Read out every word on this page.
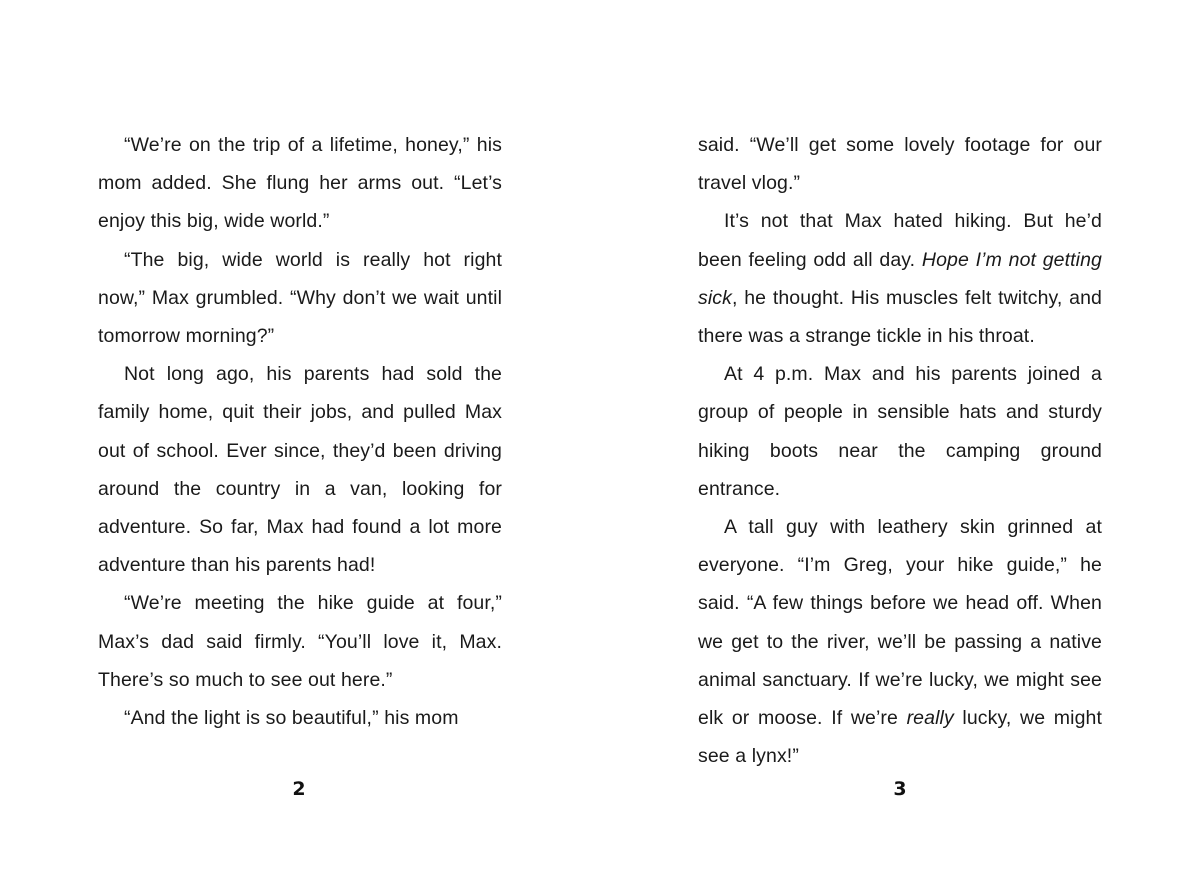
“We’re on the trip of a lifetime, honey,” his mom added. She flung her arms out. “Let’s enjoy this big, wide world.”

“The big, wide world is really hot right now,” Max grumbled. “Why don’t we wait until tomorrow morning?”

Not long ago, his parents had sold the family home, quit their jobs, and pulled Max out of school. Ever since, they’d been driving around the country in a van, looking for adventure. So far, Max had found a lot more adventure than his parents had!

“We’re meeting the hike guide at four,” Max’s dad said firmly. “You’ll love it, Max. There’s so much to see out here.”

“And the light is so beautiful,” his mom

2

said. “We’ll get some lovely footage for our travel vlog.”

It’s not that Max hated hiking. But he’d been feeling odd all day. Hope I’m not getting sick, he thought. His muscles felt twitchy, and there was a strange tickle in his throat.

At 4 p.m. Max and his parents joined a group of people in sensible hats and sturdy hiking boots near the camping ground entrance.

A tall guy with leathery skin grinned at everyone. “I’m Greg, your hike guide,” he said. “A few things before we head off. When we get to the river, we’ll be passing a native animal sanctuary. If we’re lucky, we might see elk or moose. If we’re really lucky, we might see a lynx!”

3
